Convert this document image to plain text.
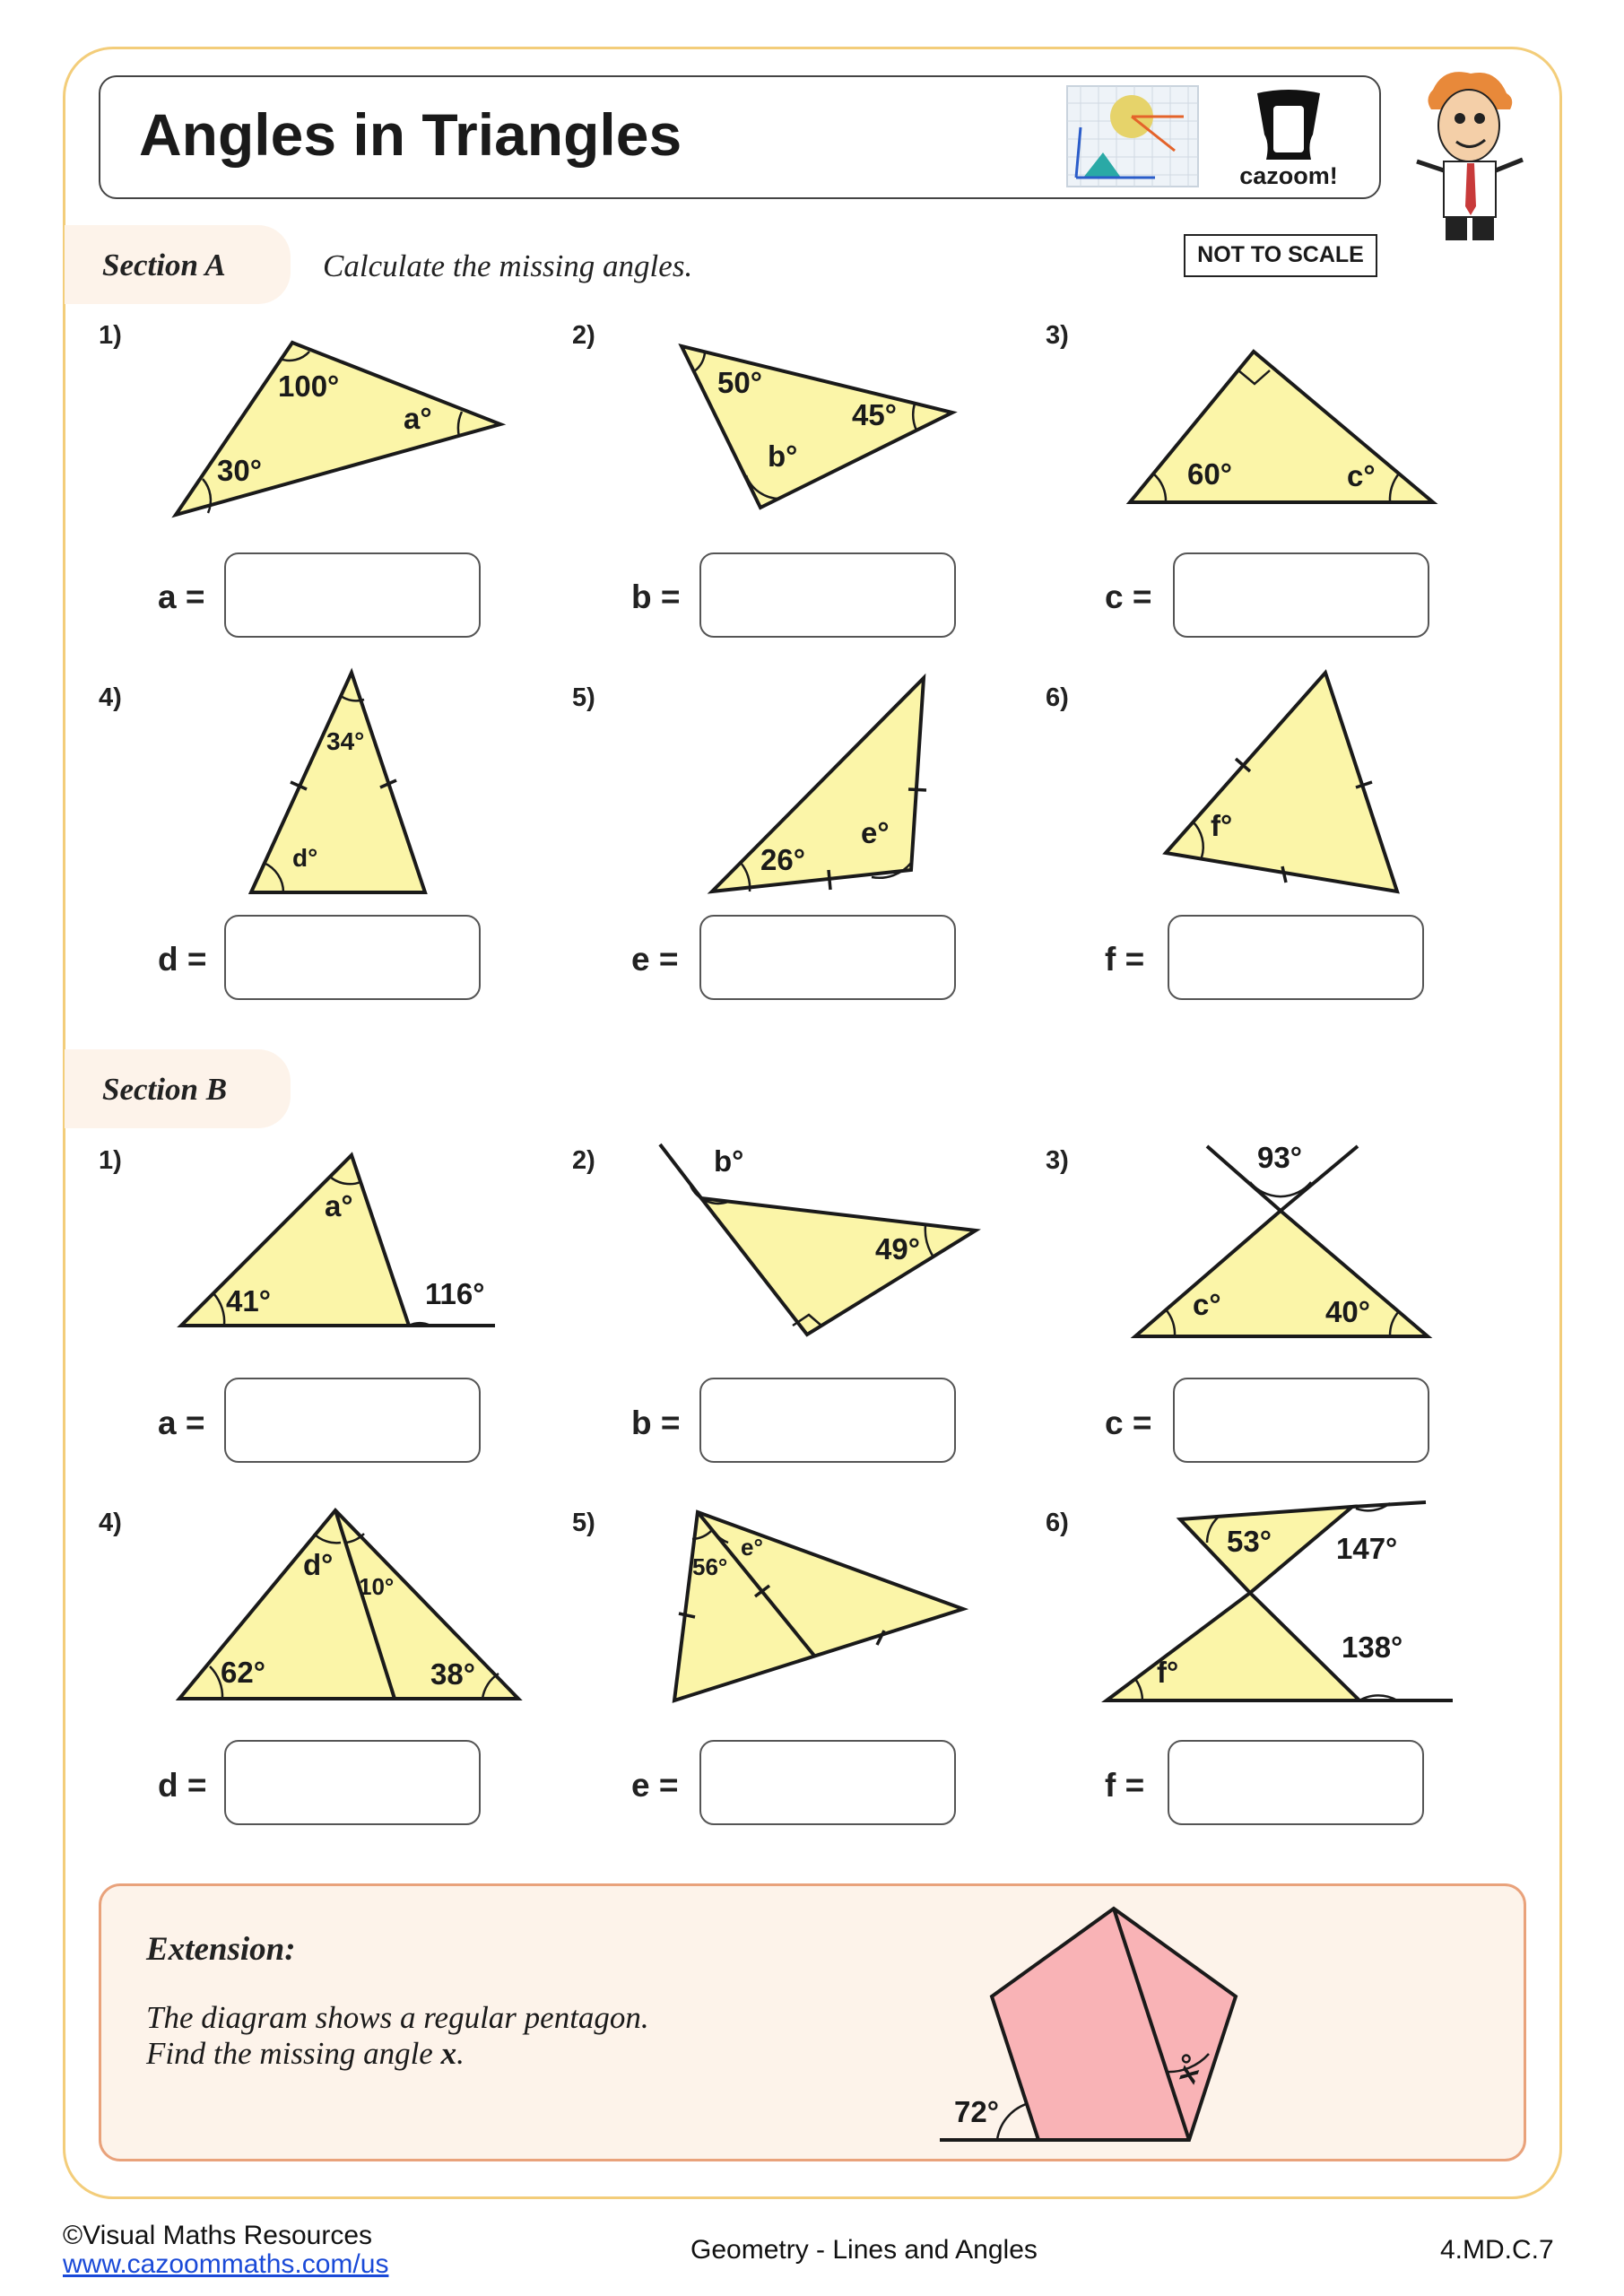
Angles in Triangles
cazoom!
Section A	Calculate the missing angles.	NOT TO SCALE
1)	2)	3)
4)	5)	6)
a =	b =	c =
d =	e =	f =
Section B
1)	2)	3)
4)	5)	6)
a =	b =	c =
d =	e =	f =
Extension:
The diagram shows a regular pentagon.
Find the missing angle x.
100°
a°
30°
50°
45°
b°
60°	c°
34°
d°	26°
e°	f°
a°
41°	116°
b°
49°
93°
c°	40°
d°
10°
62°	38°
56°
e°	53° 147°
f°
138°
72°
x°
©Visual Maths Resources
www.cazoommaths.com/us	Geometry - Lines and Angles	4.MD.C.7
